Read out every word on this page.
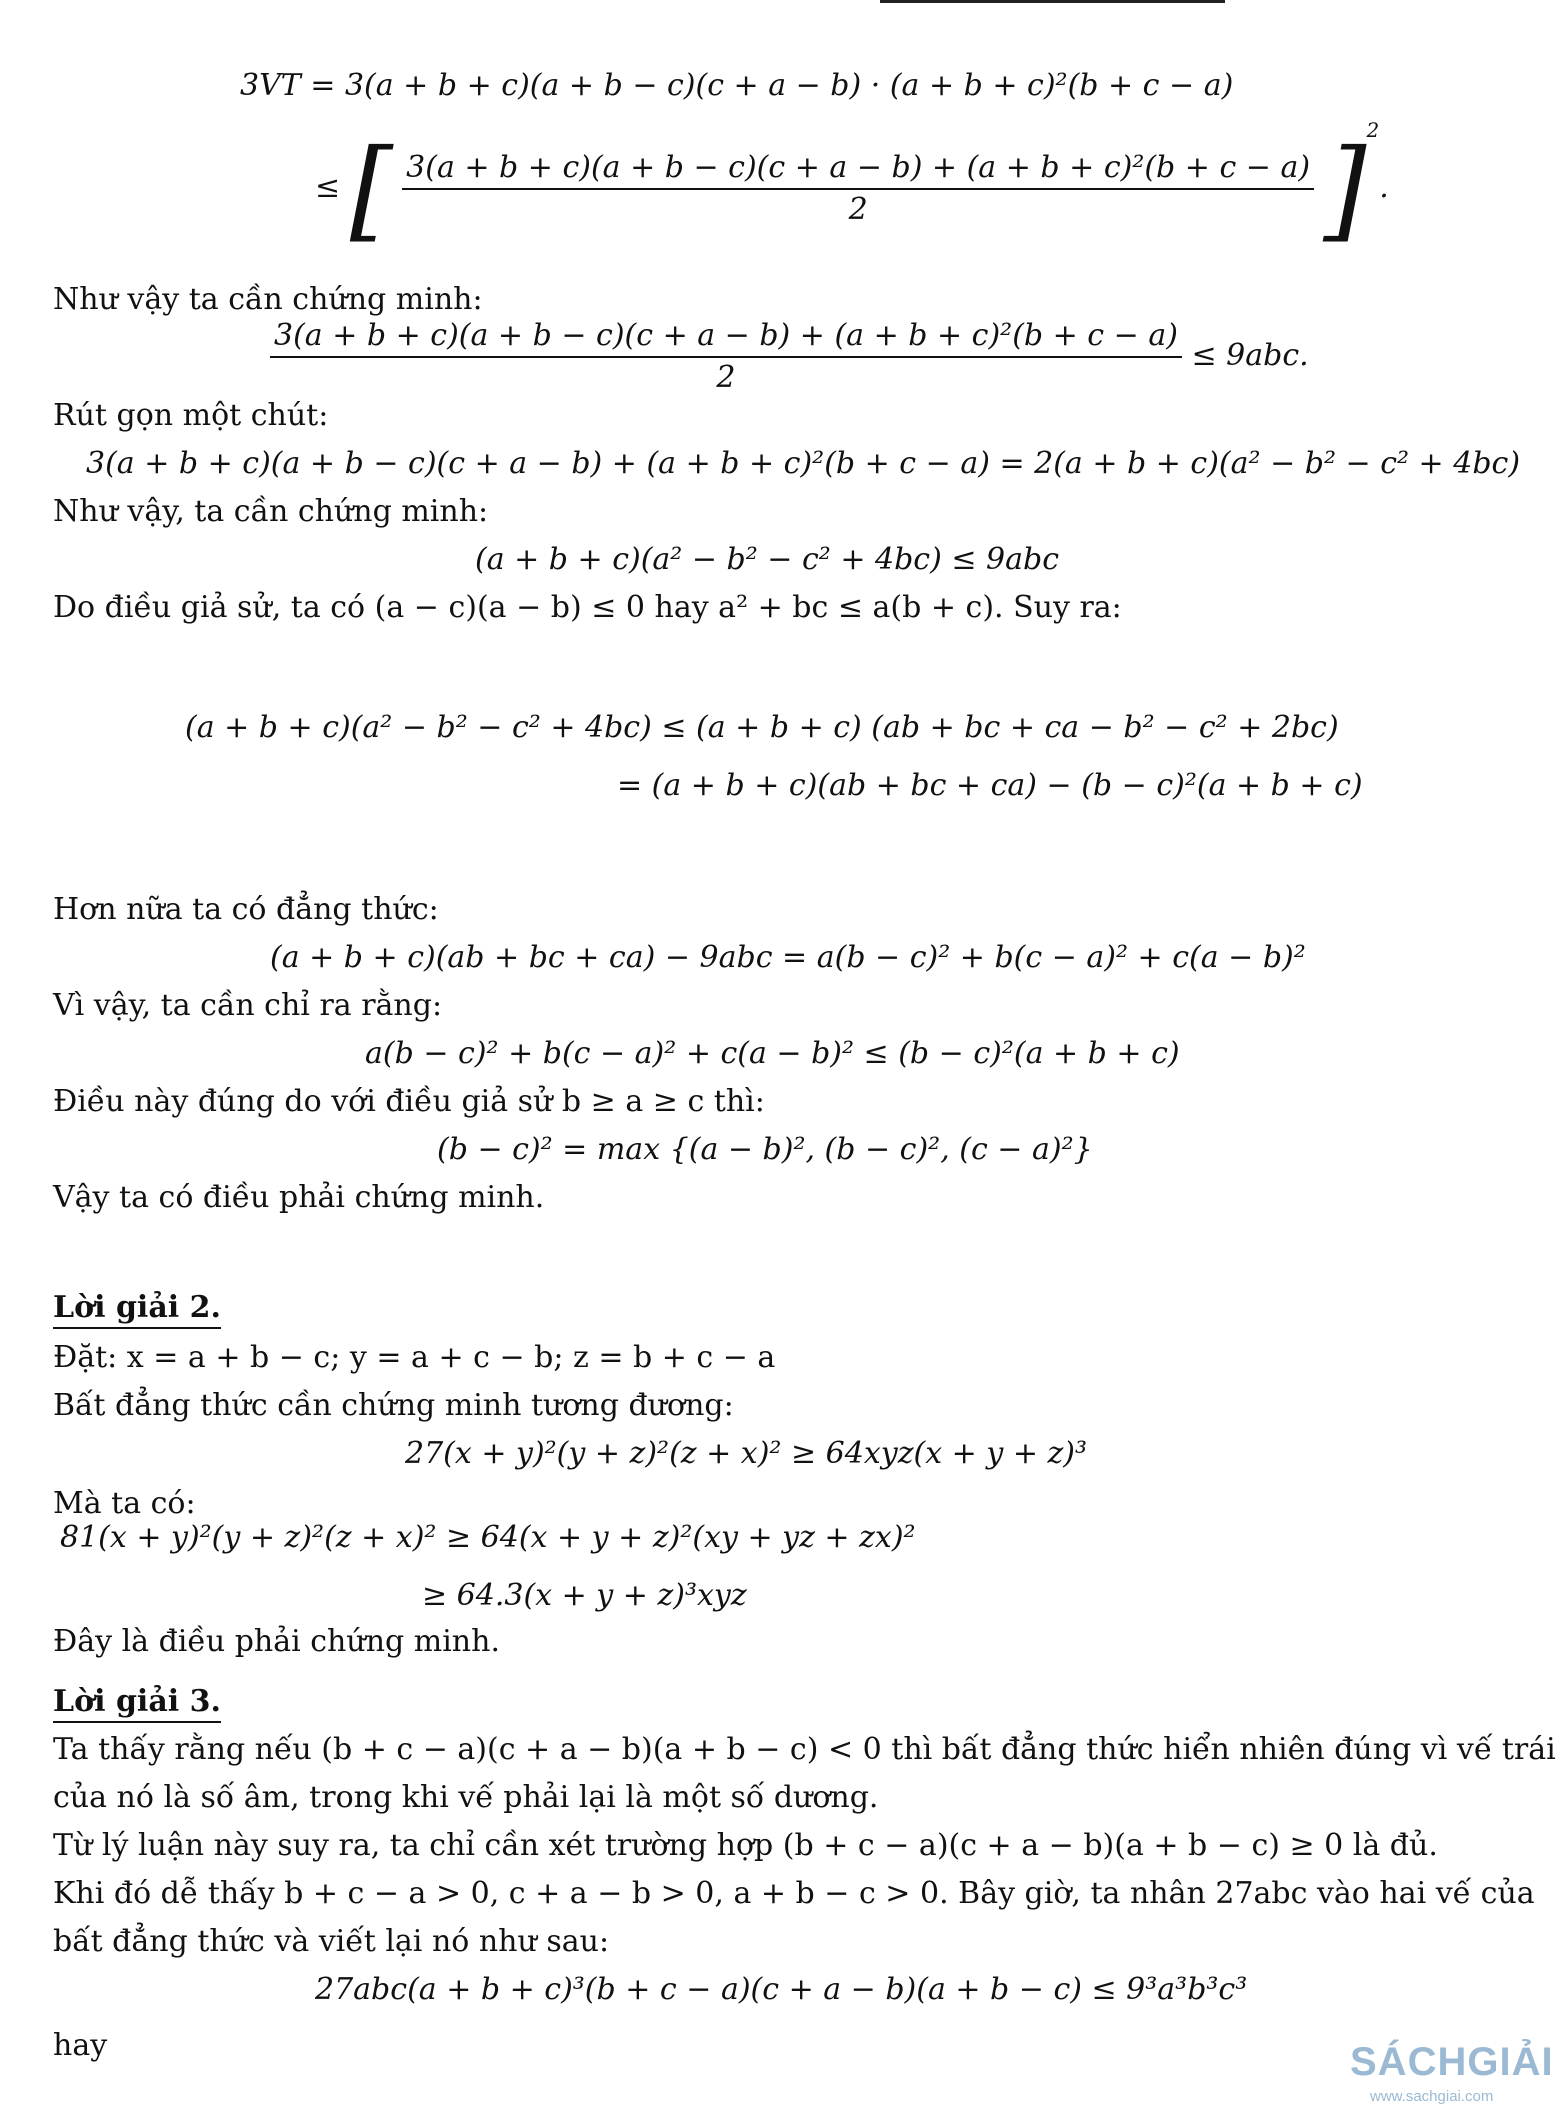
3VT = 3(a + b + c)(a + b − c)(c + a − b) · (a + b + c)²(b + c − a)
≤ [ $\frac{\text{3(a + b + c)(a + b − c)(c + a − b) + (a + b + c)²(b + c − a)}}{2} ]^2$.
Như vậy ta cần chứng minh:
$\frac{\text{3(a + b + c)(a + b − c)(c + a − b) + (a + b + c)²(b + c − a)}}{2} \le 9abc$.
Rút gọn một chút:
3(a + b + c)(a + b − c)(c + a − b) + (a + b + c)²(b + c − a) = 2(a + b + c)(a² − b² − c² + 4bc)
Như vậy, ta cần chứng minh:
(a + b + c)(a² − b² − c² + 4bc) ≤ 9abc
Do điều giả sử, ta có (a − c)(a − b) ≤ 0 hay a² + bc ≤ a(b + c). Suy ra:
(a + b + c)(a² − b² − c² + 4bc) ≤ (a + b + c) (ab + bc + ca − b² − c² + 2bc)
= (a + b + c)(ab + bc + ca) − (b − c)²(a + b + c)
Hơn nữa ta có đẳng thức:
(a + b + c)(ab + bc + ca) − 9abc = a(b − c)² + b(c − a)² + c(a − b)²
Vì vậy, ta cần chỉ ra rằng:
a(b − c)² + b(c − a)² + c(a − b)² ≤ (b − c)²(a + b + c)
Điều này đúng do với điều giả sử b ≥ a ≥ c thì:
(b − c)² = max {(a − b)², (b − c)², (c − a)²}
Vậy ta có điều phải chứng minh.
Lời giải 2.
Đặt: x = a + b − c; y = a + c − b; z = b + c − a
Bất đẳng thức cần chứng minh tương đương:
27(x + y)²(y + z)²(z + x)² ≥ 64xyz(x + y + z)³
Mà ta có:
81(x + y)²(y + z)²(z + x)² ≥ 64(x + y + z)²(xy + yz + zx)²
≥ 64.3(x + y + z)³xyz
Đây là điều phải chứng minh.
Lời giải 3.
Ta thấy rằng nếu (b + c − a)(c + a − b)(a + b − c) < 0 thì bất đẳng thức hiển nhiên đúng vì vế trái
của nó là số âm, trong khi vế phải lại là một số dương.
Từ lý luận này suy ra, ta chỉ cần xét trường hợp (b + c − a)(c + a − b)(a + b − c) ≥ 0 là đủ.
Khi đó dễ thấy b + c − a > 0, c + a − b > 0, a + b − c > 0. Bây giờ, ta nhân 27abc vào hai vế của
bất đẳng thức và viết lại nó như sau:
27abc(a + b + c)³(b + c − a)(c + a − b)(a + b − c) ≤ 9³a³b³c³
hay	SÁCHGIẢI
www.sachgiai.com
